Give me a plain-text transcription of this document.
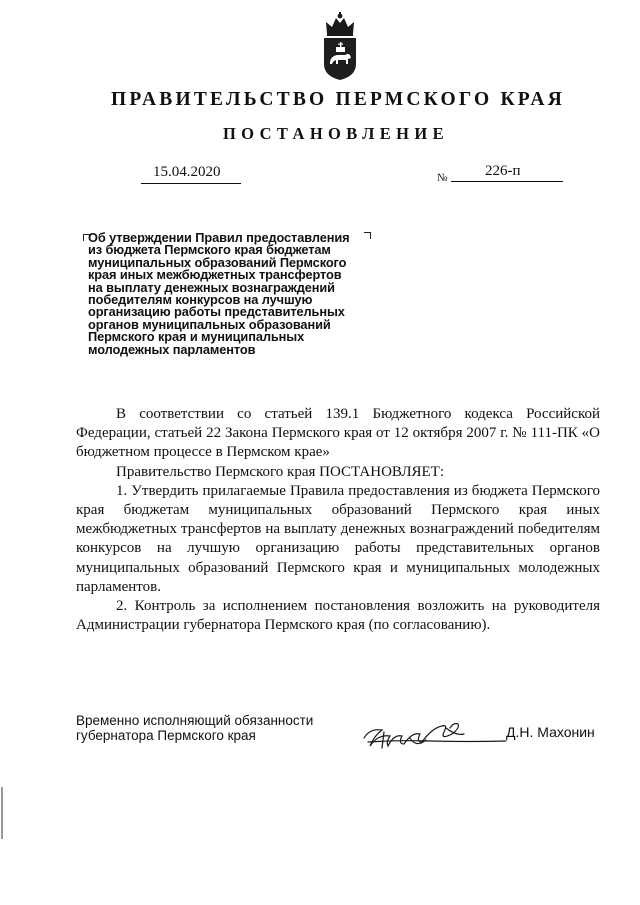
ПРАВИТЕЛЬСТВО ПЕРМСКОГО КРАЯ
ПОСТАНОВЛЕНИЕ
15.04.2020	№	226-п
Об утверждении Правил предоставления
из бюджета Пермского края бюджетам
муниципальных образований Пермского
края иных межбюджетных трансфертов
на выплату денежных вознаграждений
победителям конкурсов на лучшую
организацию работы представительных
органов муниципальных образований
Пермского края и муниципальных
молодежных парламентов

В соответствии со статьей 139.1 Бюджетного кодекса Российской Федерации, статьей 22 Закона Пермского края от 12 октября 2007 г. № 111-ПК «О бюджетном процессе в Пермском крае»

Правительство Пермского края ПОСТАНОВЛЯЕТ:

1. Утвердить прилагаемые Правила предоставления из бюджета Пермского края бюджетам муниципальных образований Пермского края иных межбюджетных трансфертов на выплату денежных вознаграждений победителям конкурсов на лучшую организацию работы представительных органов муниципальных образований Пермского края и муниципальных молодежных парламентов.

2. Контроль за исполнением постановления возложить на руководителя Администрации губернатора Пермского края (по согласованию).

Временно исполняющий обязанности
губернатора Пермского края	Д.Н. Махонин
